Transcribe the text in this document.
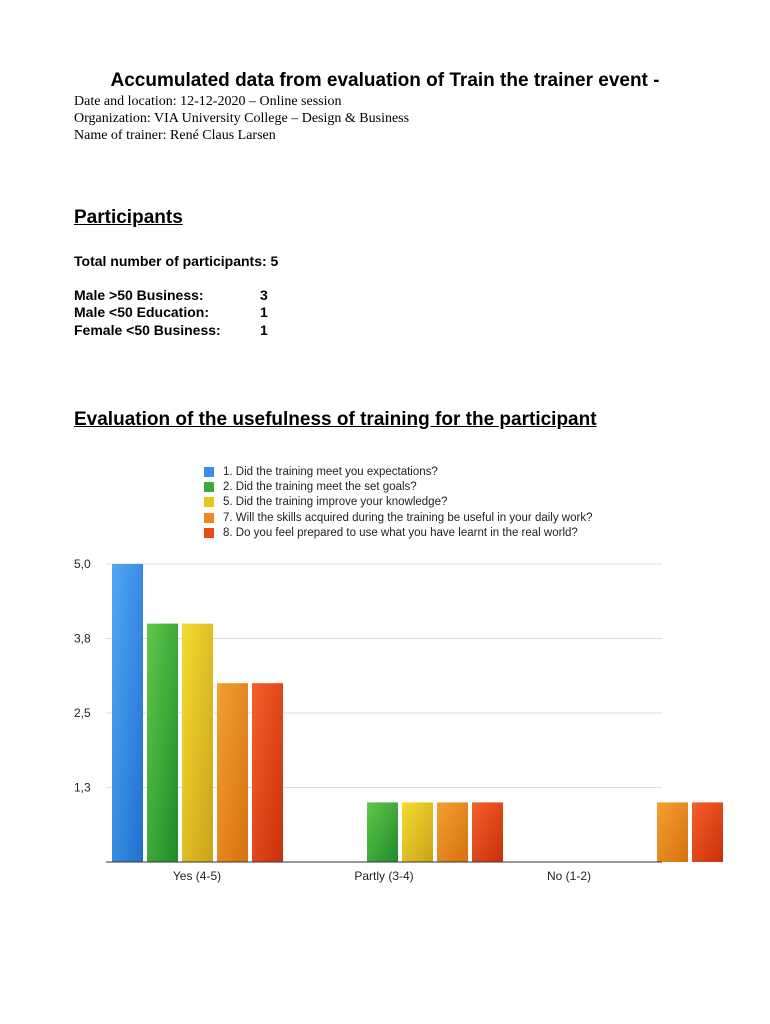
Accumulated data from evaluation of Train the trainer event -
Date and location: 12-12-2020 – Online session
Organization: VIA University College – Design & Business
Name of trainer: René Claus Larsen
Participants
Total number of participants: 5
Male >50 Business:	3
Male <50 Education:	1
Female <50 Business:	1
Evaluation of the usefulness of training for the participant
1. Did the training meet you expectations?
2. Did the training meet the set goals?
5. Did the training improve your knowledge?
7. Will the skills acquired during the training be useful in your daily work?
8. Do you feel prepared to use what you have learnt in the real world?
5,0
3,8
2,5
1,3
Yes (4-5)	Partly (3-4)	No (1-2)
